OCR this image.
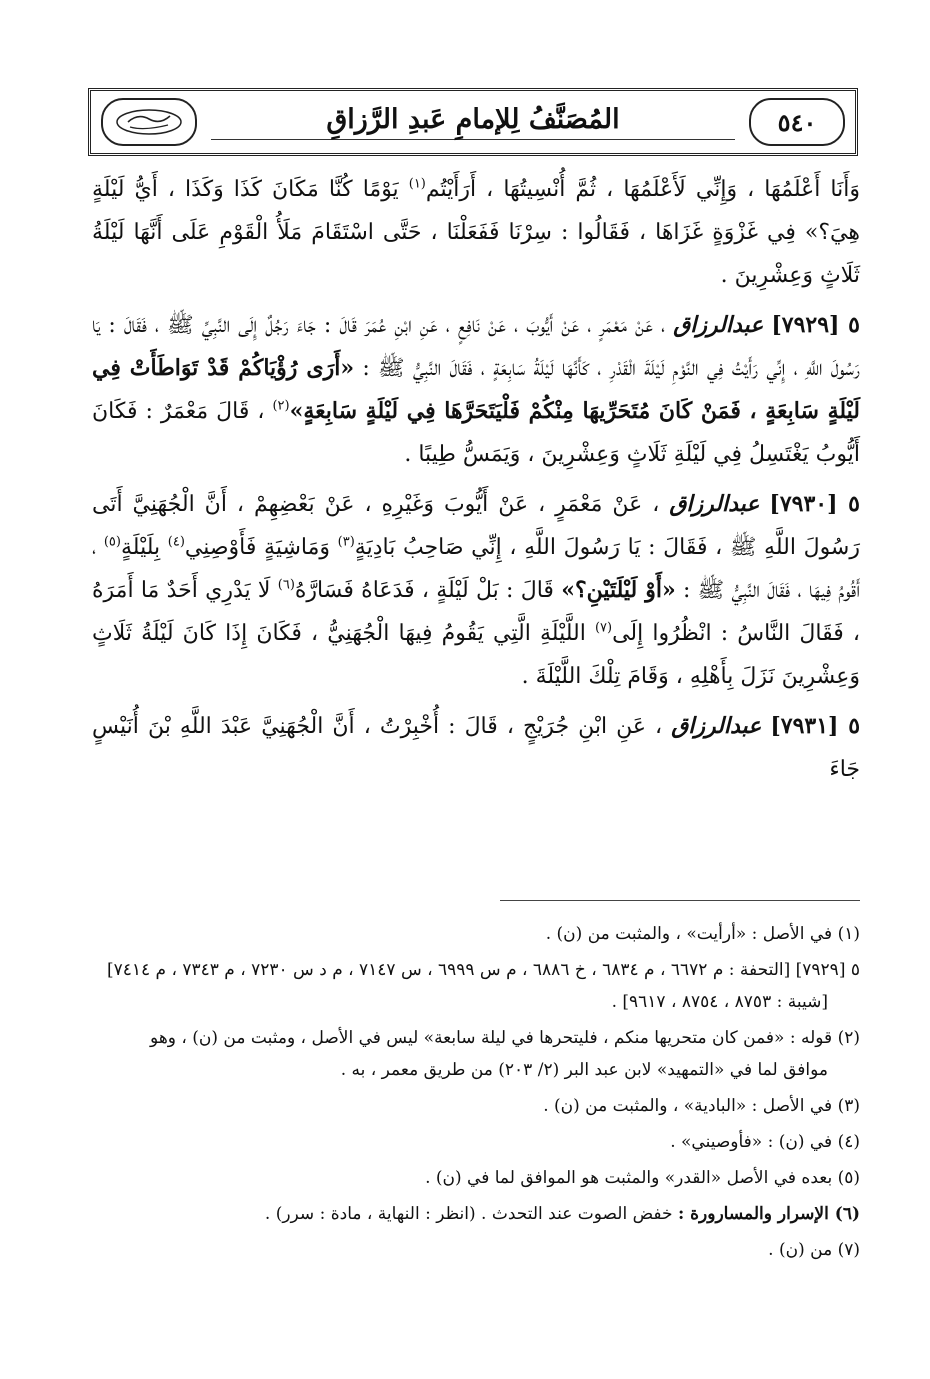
٥٤٠
المُصَنَّفُ لِلإمامِ عَبدِ الرَّزاقِ

وَأَنَا أَعْلَمُهَا ، وَإِنِّي لَأَعْلَمُهَا ، ثُمَّ أُنْسِيتُهَا ، أَرَأَيْتُم$^{(١)}$ يَوْمًا كُنَّا مَكَانَ كَذَا وَكَذَا ، أَيُّ لَيْلَةٍ هِيَ؟» فِي غَزْوَةٍ غَزَاهَا ، فَقَالُوا : سِرْنَا فَفَعَلْنَا ، حَتَّى اسْتَقَامَ مَلَأُ الْقَوْمِ عَلَى أَنَّهَا لَيْلَةُ ثَلَاثٍ وَعِشْرِينَ .

٥ [٧٩٢٩] عبدالرزاق ، عَنْ مَعْمَرٍ ، عَنْ أَيُّوبَ ، عَنْ نَافِعٍ ، عَنِ ابْنِ عُمَرَ قَالَ : جَاءَ رَجُلٌ إِلَى النَّبِيِّ ﷺ ، فَقَالَ : يَا رَسُولَ اللَّهِ ، إِنِّي رَأَيْتُ فِي النَّوْمِ لَيْلَةَ الْقَدْرِ ، كَأَنَّهَا لَيْلَةُ سَابِعَةٍ ، فَقَالَ النَّبِيُّ ﷺ : «أَرَى رُؤْيَاكُمْ قَدْ تَوَاطَأَتْ فِي لَيْلَةٍ سَابِعَةٍ ، فَمَنْ كَانَ مُتَحَرِّيهَا مِنْكُمْ فَلْيَتَحَرَّهَا فِي لَيْلَةٍ سَابِعَةٍ»$^{(٢)}$ ، قَالَ مَعْمَرٌ : فَكَانَ أَيُّوبُ يَغْتَسِلُ فِي لَيْلَةِ ثَلَاثٍ وَعِشْرِينَ ، وَيَمَسُّ طِيبًا .

٥ [٧٩٣٠] عبدالرزاق ، عَنْ مَعْمَرٍ ، عَنْ أَيُّوبَ وَغَيْرِهِ ، عَنْ بَعْضِهِمْ ، أَنَّ الْجُهَنِيَّ أَتَى رَسُولَ اللَّهِ ﷺ ، فَقَالَ : يَا رَسُولَ اللَّهِ ، إِنِّي صَاحِبُ بَادِيَةٍ$^{(٣)}$ وَمَاشِيَةٍ فَأَوْصِنِي$^{(٤)}$ بِلَيْلَةٍ$^{(٥)}$ ، أَقُومُ فِيهَا ، فَقَالَ النَّبِيُّ ﷺ : «أَوْ لَيْلَتَيْنِ؟» قَالَ : بَلْ لَيْلَةٍ ، فَدَعَاهُ فَسَارَّهُ$^{(٦)}$ لَا يَدْرِي أَحَدٌ مَا أَمَرَهُ ، فَقَالَ النَّاسُ : انْظُرُوا إِلَى$^{(٧)}$ اللَّيْلَةِ الَّتِي يَقُومُ فِيهَا الْجُهَنِيُّ ، فَكَانَ إِذَا كَانَ لَيْلَةُ ثَلَاثٍ وَعِشْرِينَ نَزَلَ بِأَهْلِهِ ، وَقَامَ تِلْكَ اللَّيْلَةَ .

٥ [٧٩٣١] عبدالرزاق ، عَنِ ابْنِ جُرَيْجٍ ، قَالَ : أُخْبِرْتُ ، أَنَّ الْجُهَنِيَّ عَبْدَ اللَّهِ بْنَ أُنَيْسٍ جَاءَ

(١) في الأصل : «أرأيت» ، والمثبت من (ن) .

٥ [٧٩٢٩] [التحفة : م ٦٦٧٢ ، م ٦٨٣٤ ، خ ٦٨٨٦ ، م س ٦٩٩٩ ، س ٧١٤٧ ، م د س ٧٢٣٠ ، م ٧٣٤٣ ، م ٧٤١٤]
[شيبة : ٨٧٥٣ ، ٨٧٥٤ ، ٩٦١٧] .

(٢) قوله : «فمن كان متحريها منكم ، فليتحرها في ليلة سابعة» ليس في الأصل ، ومثبت من (ن) ، وهو
موافق لما في «التمهيد» لابن عبد البر (٢/ ٢٠٣) من طريق معمر ، به .

(٣) في الأصل : «البادية» ، والمثبت من (ن) .

(٤) في (ن) : «فأوصيني» .

(٥) بعده في الأصل «القدر» والمثبت هو الموافق لما في (ن) .

(٦) الإسرار والمسارورة : خفض الصوت عند التحدث . (انظر : النهاية ، مادة : سرر) .

(٧) من (ن) .
